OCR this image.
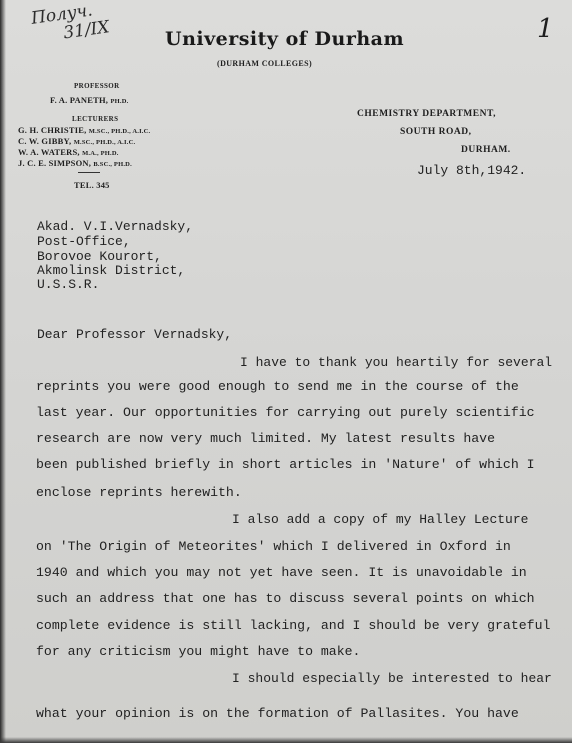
Получ.
31/IX	1
University of Durham
(DURHAM COLLEGES)
PROFESSOR
F. A. PANETH, PH.D.
LECTURERS
G. H. CHRISTIE, M.SC., PH.D., A.I.C.
C. W. GIBBY, M.SC., PH.D., A.I.C.
W. A. WATERS, M.A., PH.D.
J. C. E. SIMPSON, B.SC., PH.D.
TEL. 345
CHEMISTRY DEPARTMENT,
SOUTH ROAD,
DURHAM.
July 8th,1942.
Akad. V.I.Vernadsky,
Post-Office,
Borovoe Kourort,
Akmolinsk District,
U.S.S.R.
Dear Professor Vernadsky,
I have to thank you heartily for several
reprints you were good enough to send me in the course of the
last year. Our opportunities for carrying out purely scientific
research are now very much limited. My latest results have
been published briefly in short articles in 'Nature' of which I
enclose reprints herewith.
I also add a copy of my Halley Lecture
on 'The Origin of Meteorites' which I delivered in Oxford in
1940 and which you may not yet have seen. It is unavoidable in
such an address that one has to discuss several points on which
complete evidence is still lacking, and I should be very grateful
for any criticism you might have to make.
I should especially be interested to hear
what your opinion is on the formation of Pallasites. You have
